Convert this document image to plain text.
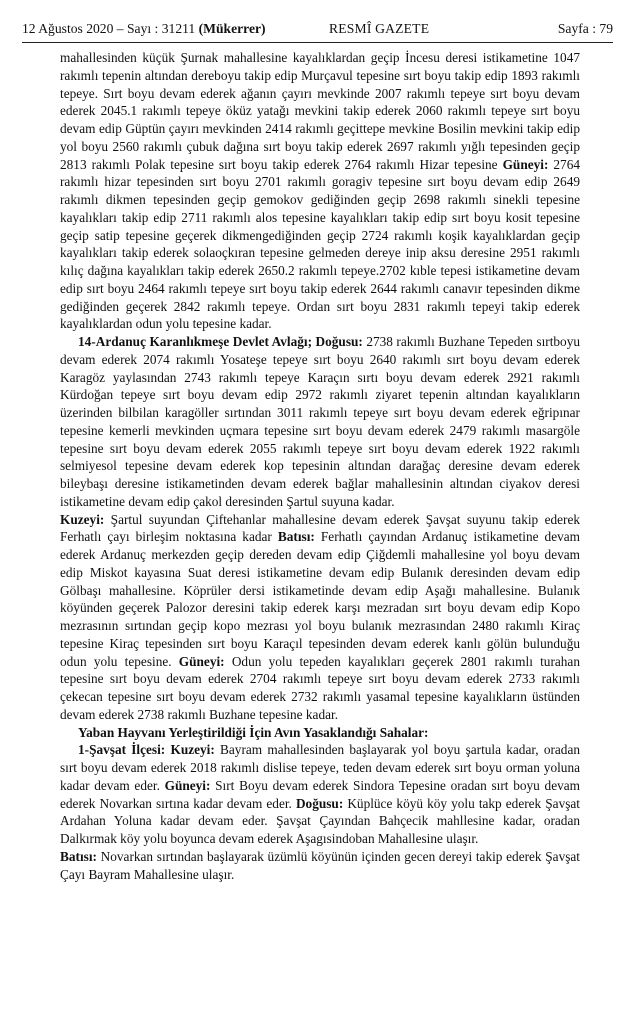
12 Ağustos 2020 – Sayı : 31211 (Mükerrer)	RESMÎ GAZETE	Sayfa : 79

mahallesinden küçük Şurnak mahallesine kayalıklardan geçip İncesu deresi istikametine 1047 rakımlı tepenin altından dereboyu takip edip Murçavul tepesine sırt boyu takip edip 1893 rakımlı tepeye. Sırt boyu devam ederek ağanın çayırı mevkinde 2007 rakımlı tepeye sırt boyu devam ederek 2045.1 rakımlı tepeye öküz yatağı mevkini takip ederek 2060 rakımlı tepeye sırt boyu devam edip Güptün çayırı mevkinden 2414 rakımlı geçittepe mevkine Bosilin mevkini takip edip yol boyu 2560 rakımlı çubuk dağına sırt boyu takip ederek 2697 rakımlı yığlı tepesinden geçip 2813 rakımlı Polak tepesine sırt boyu takip ederek 2764 rakımlı Hizar tepesine Güneyi: 2764 rakımlı hizar tepesinden sırt boyu 2701 rakımlı goragiv tepesine sırt boyu devam edip 2649 rakımlı dikmen tepesinden geçip gemokov gediğinden geçip 2698 rakımlı sinekli tepesine kayalıkları takip edip 2711 rakımlı alos tepesine kayalıkları takip edip sırt boyu kosit tepesine geçip satip tepesine geçerek dikmengediğinden geçip 2724 rakımlı koşik kayalıklardan geçip kayalıkları takip ederek solaoçkıran tepesine gelmeden dereye inip aksu deresine 2951 rakımlı kılıç dağına kayalıkları takip ederek 2650.2 rakımlı tepeye.2702 kıble tepesi istikametine devam edip sırt boyu 2464 rakımlı tepeye sırt boyu takip ederek 2644 rakımlı canavır tepesinden dikme gediğinden geçerek 2842 rakımlı tepeye. Ordan sırt boyu 2831 rakımlı tepeyi takip ederek kayalıklardan odun yolu tepesine kadar.

14-Ardanuç Karanlıkmeşe Devlet Avlağı; Doğusu: 2738 rakımlı Buzhane Tepeden sırtboyu devam ederek 2074 rakımlı Yosateşe tepeye sırt boyu 2640 rakımlı sırt boyu devam ederek Karagöz yaylasından 2743 rakımlı tepeye Karaçın sırtı boyu devam ederek 2921 rakımlı Kürdoğan tepeye sırt boyu devam edip 2972 rakımlı ziyaret tepenin altından kayalıkların üzerinden bilbilan karagöller sırtından 3011 rakımlı tepeye sırt boyu devam ederek eğripınar tepesine kemerli mevkinden uçmara tepesine sırt boyu devam ederek 2479 rakımlı masargöle tepesine sırt boyu devam ederek 2055 rakımlı tepeye sırt boyu devam ederek 1922 rakımlı selmiyesol tepesine devam ederek kop tepesinin altından darağaç deresine devam ederek bileybaşı deresine istikametinden devam ederek bağlar mahallesinin altından ciyakov deresi istikametine devam edip çakol deresinden Şartul suyuna kadar.

Kuzeyi: Şartul suyundan Çiftehanlar mahallesine devam ederek Şavşat suyunu takip ederek Ferhatlı çayı birleşim noktasına kadar Batısı: Ferhatlı çayından Ardanuç istikametine devam ederek Ardanuç merkezden geçip dereden devam edip Çiğdemli mahallesine yol boyu devam edip Miskot kayasına Suat deresi istikametine devam edip Bulanık deresinden devam edip Gölbaşı mahallesine. Köprüler dersi istikametinde devam edip Aşağı mahallesine. Bulanık köyünden geçerek Palozor deresini takip ederek karşı mezradan sırt boyu devam edip Kopo mezrasının sırtından geçip kopo mezrası yol boyu bulanık mezrasından 2480 rakımlı Kiraç tepesine Kiraç tepesinden sırt boyu Karaçıl tepesinden devam ederek kanlı gölün bulunduğu odun yolu tepesine. Güneyi: Odun yolu tepeden kayalıkları geçerek 2801 rakımlı turahan tepesine sırt boyu devam ederek 2704 rakımlı tepeye sırt boyu devam ederek 2733 rakımlı çekecan tepesine sırt boyu devam ederek 2732 rakımlı yasamal tepesine kayalıkların üstünden devam ederek 2738 rakımlı Buzhane tepesine kadar.

Yaban Hayvanı Yerleştirildiği İçin Avın Yasaklandığı Sahalar:

1-Şavşat İlçesi: Kuzeyi: Bayram mahallesinden başlayarak yol boyu şartula kadar, oradan sırt boyu devam ederek 2018 rakımlı dislise tepeye, teden devam ederek sırt boyu orman yoluna kadar devam eder. Güneyi: Sırt Boyu devam ederek Sindora Tepesine oradan sırt boyu devam ederek Novarkan sırtına kadar devam eder. Doğusu: Küplüce köyü köy yolu takp ederek Şavşat Ardahan Yoluna kadar devam eder. Şavşat Çayından Bahçecik mahllesine kadar, oradan Dalkırmak köy yolu boyunca devam ederek Aşagısindoban Mahallesine ulaşır.

Batısı: Novarkan sırtından başlayarak üzümlü köyünün içinden gecen dereyi takip ederek Şavşat Çayı Bayram Mahallesine ulaşır.
